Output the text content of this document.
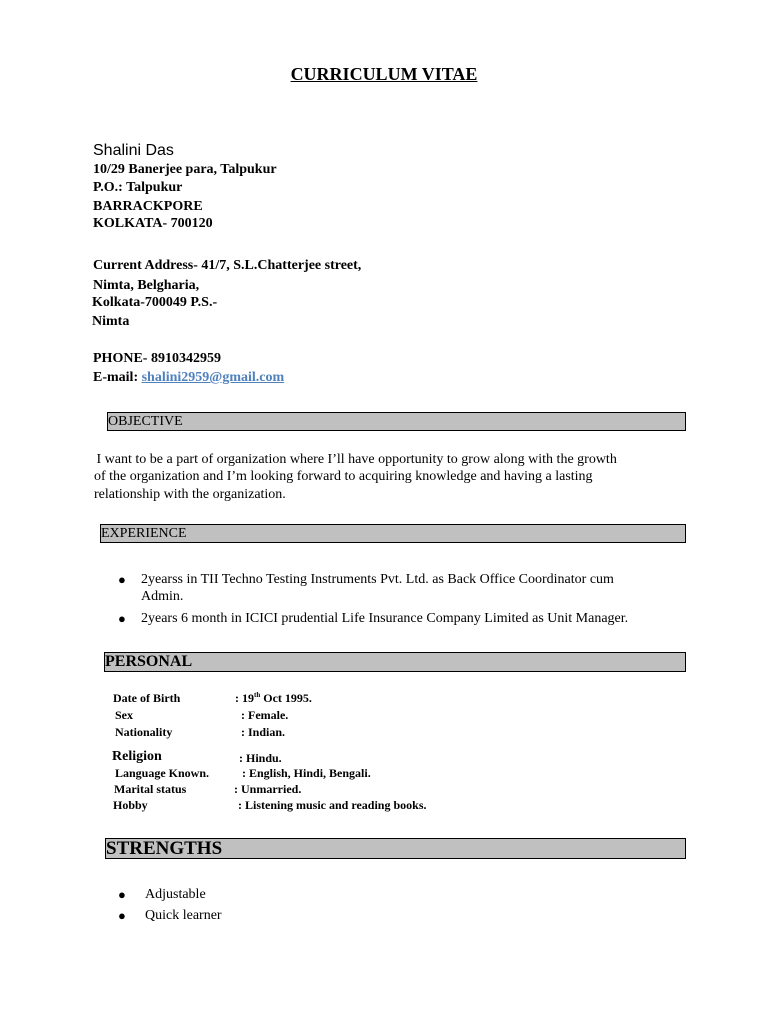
CURRICULUM VITAE
Shalini Das
10/29 Banerjee para, Talpukur
P.O.: Talpukur
BARRACKPORE
KOLKATA- 700120
Current Address- 41/7, S.L.Chatterjee street,
Nimta, Belgharia,
Kolkata-700049 P.S.-
Nimta
PHONE- 8910342959
E-mail: shalini2959@gmail.com
OBJECTIVE
I want to be a part of organization where I’ll have opportunity to grow along with the growth
of the organization and I’m looking forward to acquiring knowledge and having a lasting
relationship with the organization.
EXPERIENCE
● 2yearss in TII Techno Testing Instruments Pvt. Ltd. as Back Office Coordinator cum
Admin.
● 2years 6 month in ICICI prudential Life Insurance Company Limited as Unit Manager.
PERSONAL
Date of Birth	: 19th Oct 1995.
Sex	: Female.
Nationality	: Indian.
Religion	: Hindu.
Language Known.	: English, Hindi, Bengali.
Marital status	: Unmarried.
Hobby	: Listening music and reading books.
STRENGTHS
● Adjustable
● Quick learner
